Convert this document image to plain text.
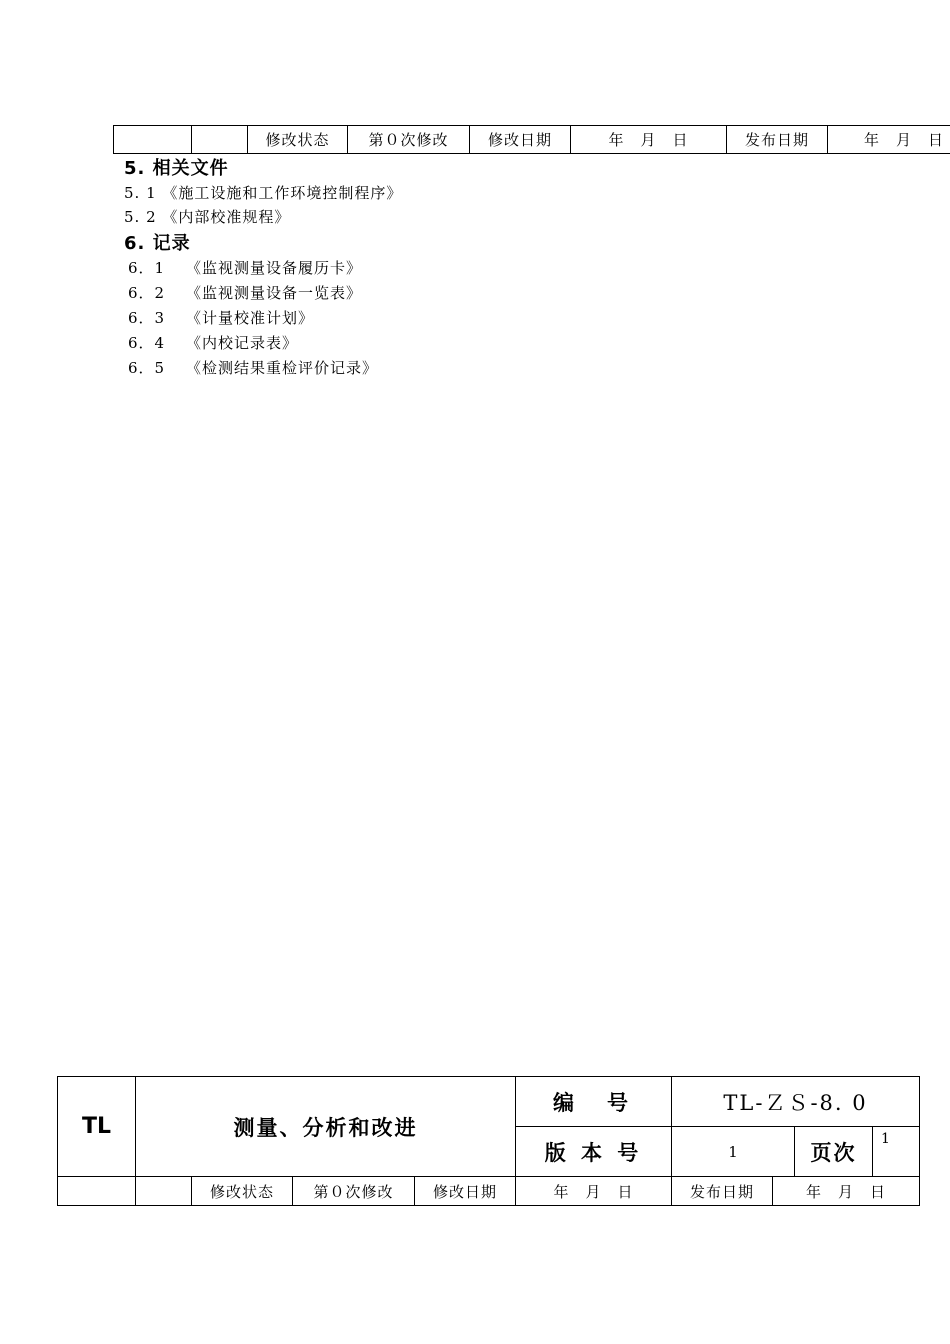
		修改状态	第０次修改	修改日期	年　月　日	发布日期	年　月　日
5. 相关文件
5. 1 《施工设施和工作环境控制程序》
5. 2 《内部校准规程》
6. 记录
6．1 《监视测量设备履历卡》
6．2 《监视测量设备一览表》
6．3 《计量校准计划》
6．4 《内校记录表》
6．5 《检测结果重检评价记录》
TL	测量、分析和改进				编　号	TL-ＺＳ-8. 0			
					版 本 号	1		页次	1
		修改状态	第０次修改	修改日期	年　月　日	发布日期	年　月　日		
